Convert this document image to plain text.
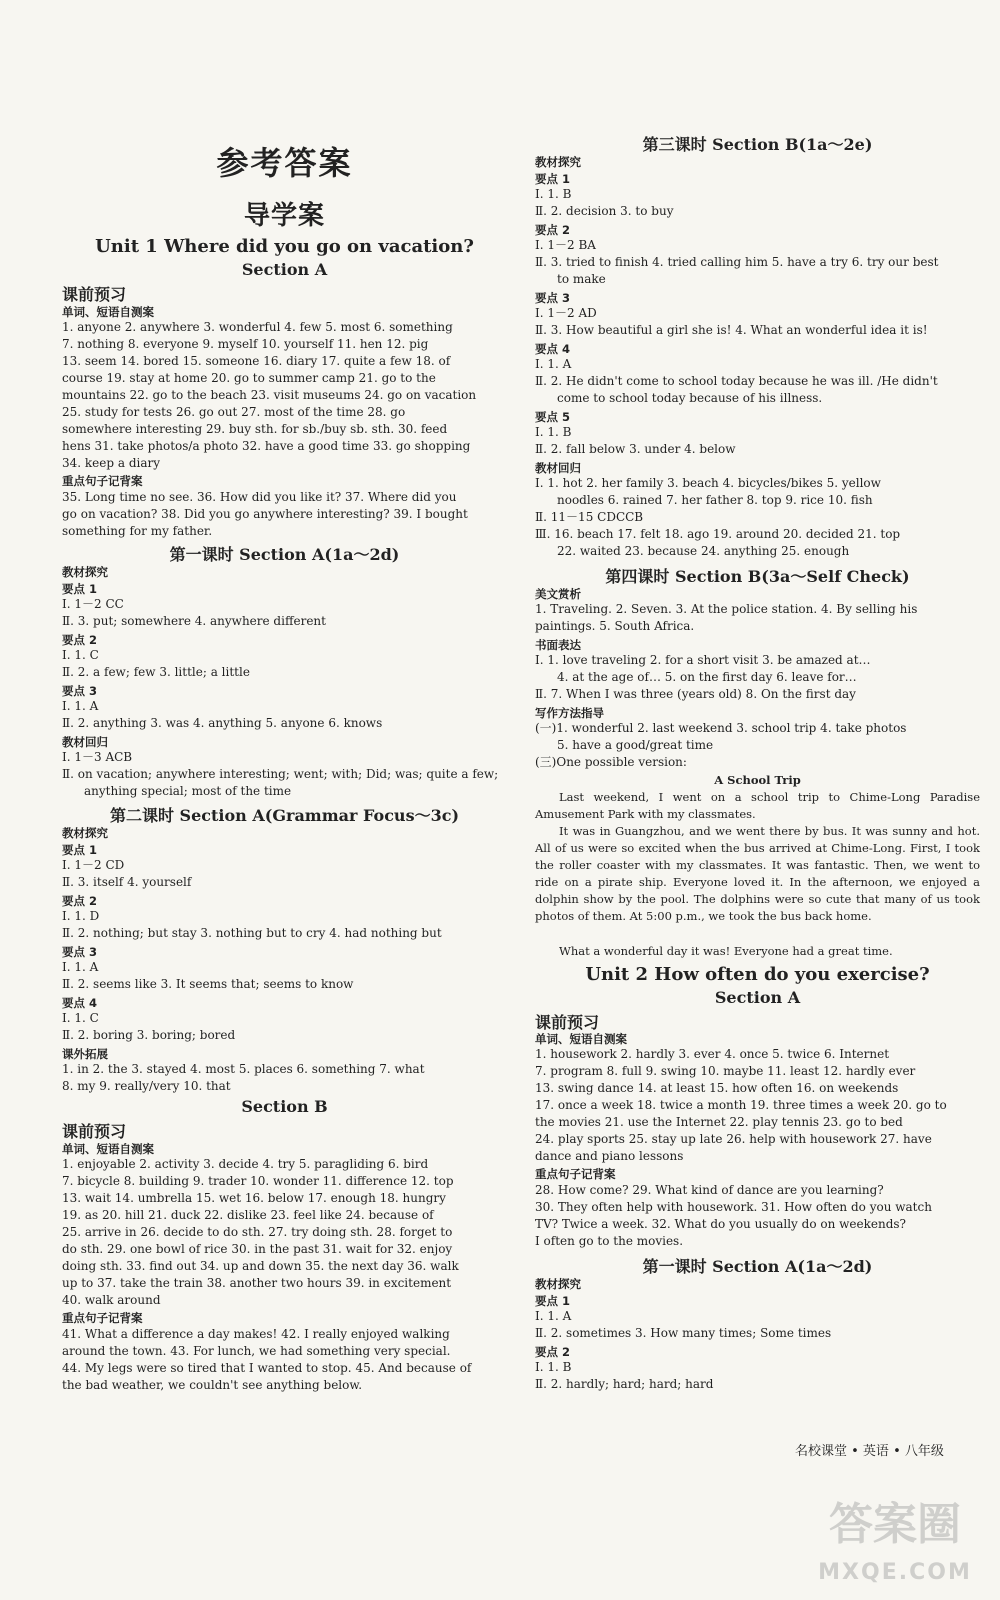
参考答案
导学案
Unit 1 Where did you go on vacation?
Section A
课前预习
单词、短语自测案
1. anyone 2. anywhere 3. wonderful 4. few 5. most 6. something
7. nothing 8. everyone 9. myself 10. yourself 11. hen 12. pig
13. seem 14. bored 15. someone 16. diary 17. quite a few 18. of
course 19. stay at home 20. go to summer camp 21. go to the
mountains 22. go to the beach 23. visit museums 24. go on vacation
25. study for tests 26. go out 27. most of the time 28. go
somewhere interesting 29. buy sth. for sb./buy sb. sth. 30. feed
hens 31. take photos/a photo 32. have a good time 33. go shopping
34. keep a diary
重点句子记背案
35. Long time no see. 36. How did you like it? 37. Where did you
go on vacation? 38. Did you go anywhere interesting? 39. I bought
something for my father.
第一课时 Section A(1a～2d)
教材探究
要点 1
Ⅰ. 1－2 CC
Ⅱ. 3. put; somewhere 4. anywhere different
要点 2
Ⅰ. 1. C
Ⅱ. 2. a few; few 3. little; a little
要点 3
Ⅰ. 1. A
Ⅱ. 2. anything 3. was 4. anything 5. anyone 6. knows
教材回归
Ⅰ. 1－3 ACB
Ⅱ. on vacation; anywhere interesting; went; with; Did; was; quite a few;
anything special; most of the time
第二课时 Section A(Grammar Focus～3c)
教材探究
要点 1
Ⅰ. 1－2 CD
Ⅱ. 3. itself 4. yourself
要点 2
Ⅰ. 1. D
Ⅱ. 2. nothing; but stay 3. nothing but to cry 4. had nothing but
要点 3
Ⅰ. 1. A
Ⅱ. 2. seems like 3. It seems that; seems to know
要点 4
Ⅰ. 1. C
Ⅱ. 2. boring 3. boring; bored
课外拓展
1. in 2. the 3. stayed 4. most 5. places 6. something 7. what
8. my 9. really/very 10. that
Section B
课前预习
单词、短语自测案
1. enjoyable 2. activity 3. decide 4. try 5. paragliding 6. bird
7. bicycle 8. building 9. trader 10. wonder 11. difference 12. top
13. wait 14. umbrella 15. wet 16. below 17. enough 18. hungry
19. as 20. hill 21. duck 22. dislike 23. feel like 24. because of
25. arrive in 26. decide to do sth. 27. try doing sth. 28. forget to
do sth. 29. one bowl of rice 30. in the past 31. wait for 32. enjoy
doing sth. 33. find out 34. up and down 35. the next day 36. walk
up to 37. take the train 38. another two hours 39. in excitement
40. walk around
重点句子记背案
41. What a difference a day makes! 42. I really enjoyed walking
around the town. 43. For lunch, we had something very special.
44. My legs were so tired that I wanted to stop. 45. And because of
the bad weather, we couldn't see anything below.
第三课时 Section B(1a～2e)
教材探究
要点 1
Ⅰ. 1. B
Ⅱ. 2. decision 3. to buy
要点 2
Ⅰ. 1－2 BA
Ⅱ. 3. tried to finish 4. tried calling him 5. have a try 6. try our best
to make
要点 3
Ⅰ. 1－2 AD
Ⅱ. 3. How beautiful a girl she is! 4. What an wonderful idea it is!
要点 4
Ⅰ. 1. A
Ⅱ. 2. He didn't come to school today because he was ill. /He didn't
come to school today because of his illness.
要点 5
Ⅰ. 1. B
Ⅱ. 2. fall below 3. under 4. below
教材回归
Ⅰ. 1. hot 2. her family 3. beach 4. bicycles/bikes 5. yellow
noodles 6. rained 7. her father 8. top 9. rice 10. fish
Ⅱ. 11－15 CDCCB
Ⅲ. 16. beach 17. felt 18. ago 19. around 20. decided 21. top
22. waited 23. because 24. anything 25. enough
第四课时 Section B(3a～Self Check)
美文赏析
1. Traveling. 2. Seven. 3. At the police station. 4. By selling his
paintings. 5. South Africa.
书面表达
Ⅰ. 1. love traveling 2. for a short visit 3. be amazed at…
4. at the age of… 5. on the first day 6. leave for…
Ⅱ. 7. When I was three (years old) 8. On the first day
写作方法指导
(一)1. wonderful 2. last weekend 3. school trip 4. take photos
5. have a good/great time
(三)One possible version:
A School Trip
Last weekend, I went on a school trip to Chime-Long Paradise Amusement Park with my classmates.
It was in Guangzhou, and we went there by bus. It was sunny and hot. All of us were so excited when the bus arrived at Chime-Long. First, I took the roller coaster with my classmates. It was fantastic. Then, we went to ride on a pirate ship. Everyone loved it. In the afternoon, we enjoyed a dolphin show by the pool. The dolphins were so cute that many of us took photos of them. At 5:00 p.m., we took the bus back home.
What a wonderful day it was! Everyone had a great time.
Unit 2 How often do you exercise?
Section A
课前预习
单词、短语自测案
1. housework 2. hardly 3. ever 4. once 5. twice 6. Internet
7. program 8. full 9. swing 10. maybe 11. least 12. hardly ever
13. swing dance 14. at least 15. how often 16. on weekends
17. once a week 18. twice a month 19. three times a week 20. go to
the movies 21. use the Internet 22. play tennis 23. go to bed
24. play sports 25. stay up late 26. help with housework 27. have
dance and piano lessons
重点句子记背案
28. How come? 29. What kind of dance are you learning?
30. They often help with housework. 31. How often do you watch
TV? Twice a week. 32. What do you usually do on weekends?
I often go to the movies.
第一课时 Section A(1a～2d)
教材探究
要点 1
Ⅰ. 1. A
Ⅱ. 2. sometimes 3. How many times; Some times
要点 2
Ⅰ. 1. B
Ⅱ. 2. hardly; hard; hard; hard
名校课堂 • 英语 • 八年级
答案圈
MXQE.COM
